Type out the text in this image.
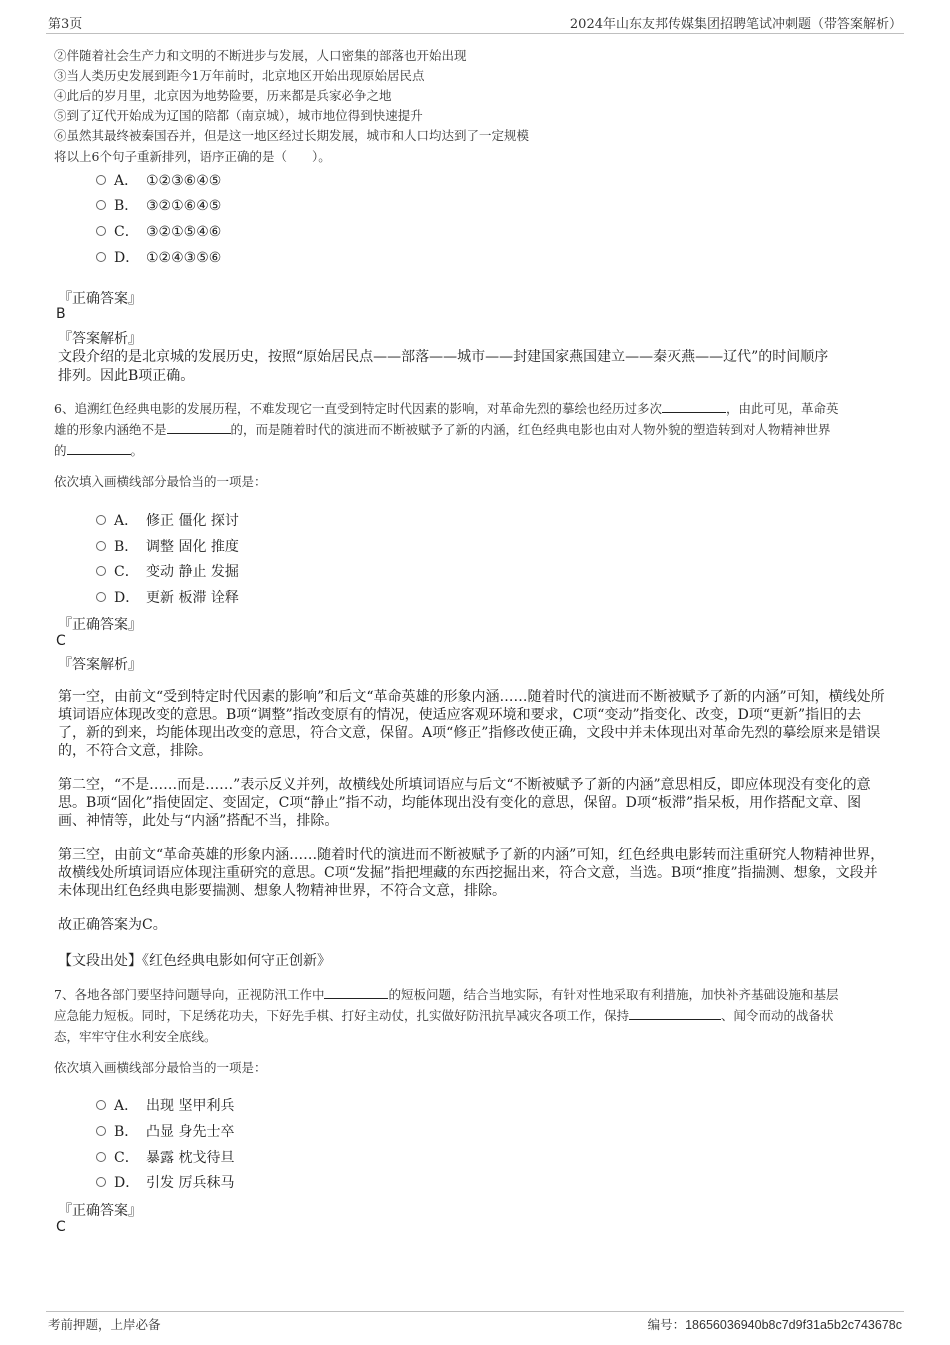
第3页	2024年山东友邦传媒集团招聘笔试冲刺题（带答案解析）
②伴随着社会生产力和文明的不断进步与发展，人口密集的部落也开始出现
③当人类历史发展到距今1万年前时，北京地区开始出现原始居民点
④此后的岁月里，北京因为地势险要，历来都是兵家必争之地
⑤到了辽代开始成为辽国的陪都（南京城），城市地位得到快速提升
⑥虽然其最终被秦国吞并，但是这一地区经过长期发展，城市和人口均达到了一定规模
将以上6个句子重新排列，语序正确的是（　　）。
A． ①②③⑥④⑤
B． ③②①⑥④⑤
C． ③②①⑤④⑥
D． ①②④③⑤⑥
『正确答案』
B
『答案解析』
文段介绍的是北京城的发展历史，按照“原始居民点——部落——城市——封建国家燕国建立——秦灭燕——辽代”的时间顺序
排列。因此B项正确。
6、追溯红色经典电影的发展历程，不难发现它一直受到特定时代因素的影响，对革命先烈的摹绘也经历过多次	，由此可见，革命英
雄的形象内涵绝不是	的，而是随着时代的演进而不断被赋予了新的内涵，红色经典电影也由对人物外貌的塑造转到对人物精神世界
的	。
依次填入画横线部分最恰当的一项是：
A． 修正 僵化 探讨
B． 调整 固化 推度
C． 变动 静止 发掘
D． 更新 板滞 诠释
『正确答案』
C
『答案解析』
第一空，由前文“受到特定时代因素的影响”和后文“革命英雄的形象内涵……随着时代的演进而不断被赋予了新的内涵”可知，横线处所填词语应体现改变的意思。B项“调整”指改变原有的情况，使适应客观环境和要求，C项“变动”指变化、改变，D项“更新”指旧的去了，新的到来，均能体现出改变的意思，符合文意，保留。A项“修正”指修改使正确，文段中并未体现出对革命先烈的摹绘原来是错误的，不符合文意，排除。
第二空，“不是……而是……”表示反义并列，故横线处所填词语应与后文“不断被赋予了新的内涵”意思相反，即应体现没有变化的意思。B项“固化”指使固定、变固定，C项“静止”指不动，均能体现出没有变化的意思，保留。D项“板滞”指呆板，用作搭配文章、图画、神情等，此处与“内涵”搭配不当，排除。
第三空，由前文“革命英雄的形象内涵……随着时代的演进而不断被赋予了新的内涵”可知，红色经典电影转而注重研究人物精神世界，故横线处所填词语应体现注重研究的意思。C项“发掘”指把埋藏的东西挖掘出来，符合文意，当选。B项“推度”指揣测、想象，文段并未体现出红色经典电影要揣测、想象人物精神世界，不符合文意，排除。
故正确答案为C。
【文段出处】《红色经典电影如何守正创新》
7、各地各部门要坚持问题导向，正视防汛工作中	的短板问题，结合当地实际，有针对性地采取有利措施，加快补齐基础设施和基层
应急能力短板。同时，下足绣花功夫，下好先手棋、打好主动仗，扎实做好防汛抗旱减灾各项工作，保持	、闻令而动的战备状
态，牢牢守住水利安全底线。
依次填入画横线部分最恰当的一项是：
A． 出现 坚甲利兵
B． 凸显 身先士卒
C． 暴露 枕戈待旦
D． 引发 厉兵秣马
『正确答案』
C
考前押题，上岸必备	编号：18656036940b8c7d9f31a5b2c743678c
